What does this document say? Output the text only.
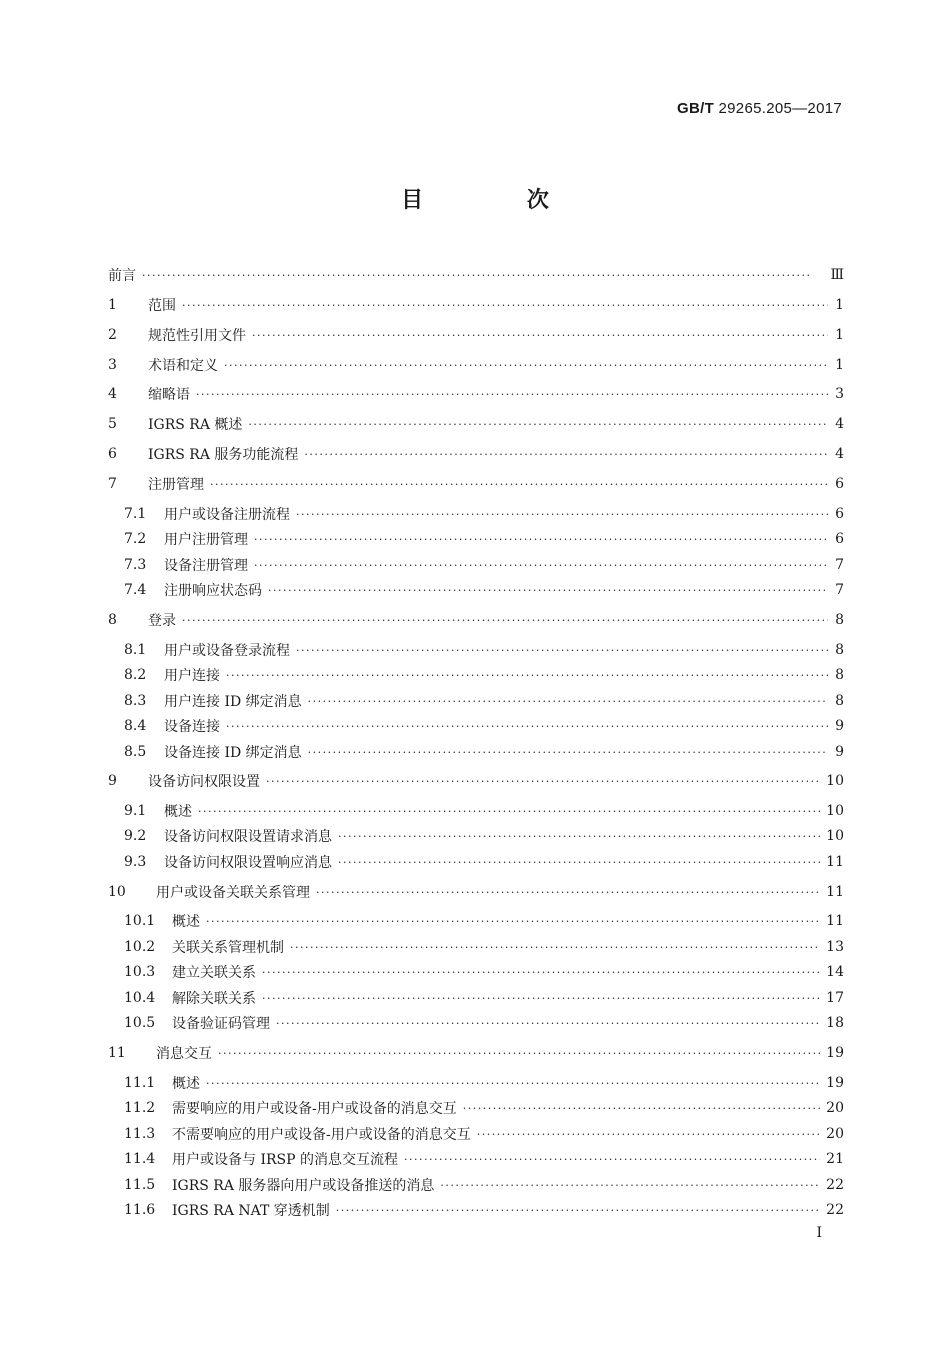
GB/T 29265.205—2017
目 次
前言 ·····	Ⅲ
1	范围 ·····	1
2	规范性引用文件 ·····	1
3	术语和定义 ·····	1
4	缩略语 ·····	3
5	IGRS RA 概述 ·····	4
6	IGRS RA 服务功能流程 ·····	4
7	注册管理 ·····	6
7.1	用户或设备注册流程 ·····	6
7.2	用户注册管理 ·····	6
7.3	设备注册管理 ·····	7
7.4	注册响应状态码 ·····	7
8	登录 ·····	8
8.1	用户或设备登录流程 ·····	8
8.2	用户连接 ·····	8
8.3	用户连接 ID 绑定消息 ·····	8
8.4	设备连接 ·····	9
8.5	设备连接 ID 绑定消息 ·····	9
9	设备访问权限设置 ·····	10
9.1	概述 ·····	10
9.2	设备访问权限设置请求消息 ·····	10
9.3	设备访问权限设置响应消息 ·····	11
10	用户或设备关联关系管理 ·····	11
10.1	概述 ·····	11
10.2	关联关系管理机制 ·····	13
10.3	建立关联关系 ·····	14
10.4	解除关联关系 ·····	17
10.5	设备验证码管理 ·····	18
11	消息交互 ·····	19
11.1	概述 ·····	19
11.2	需要响应的用户或设备-用户或设备的消息交互 ·····	20
11.3	不需要响应的用户或设备-用户或设备的消息交互 ·····	20
11.4	用户或设备与 IRSP 的消息交互流程 ·····	21
11.5	IGRS RA 服务器向用户或设备推送的消息 ·····	22
11.6	IGRS RA NAT 穿透机制 ·····	22
I
